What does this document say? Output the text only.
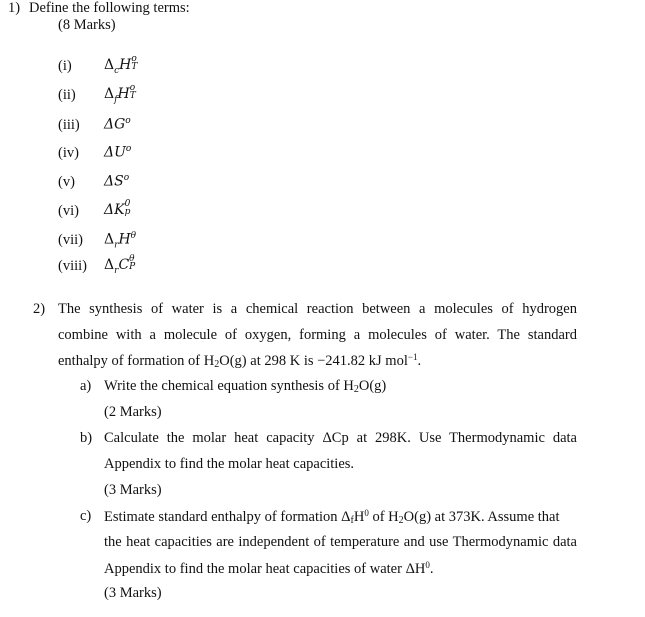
1) Define the following terms:
(8 Marks)
(i) $\Delta_cH$ o
T
(ii) $\Delta_fH$ o
T
(iii) $\Delta G^o$
(iv) $\Delta U^o$
(v) $\Delta S^o$
(vi) ΔK 0
p
(vii) $\Delta_rH^\theta$
(viii) $\Delta_rC$ θ
P
2) The synthesis of water is a chemical reaction between a molecules of hydrogen
combine with a molecule of oxygen, forming a molecules of water. The standard
enthalpy of formation of $H_2O(g)$ at 298 K is −241.82 kJ mol$^{-1}$.
a) Write the chemical equation synthesis of $H_2O(g)$
(2 Marks)
b) Calculate the molar heat capacity ΔCp at 298K. Use Thermodynamic data
Appendix to find the molar heat capacities.
(3 Marks)
c) Estimate standard enthalpy of formation $\Delta_fH^0$ of $H_2O(g)$ at 373K. Assume that
the heat capacities are independent of temperature and use Thermodynamic data
Appendix to find the molar heat capacities of water $\Delta H^0$.
(3 Marks)
